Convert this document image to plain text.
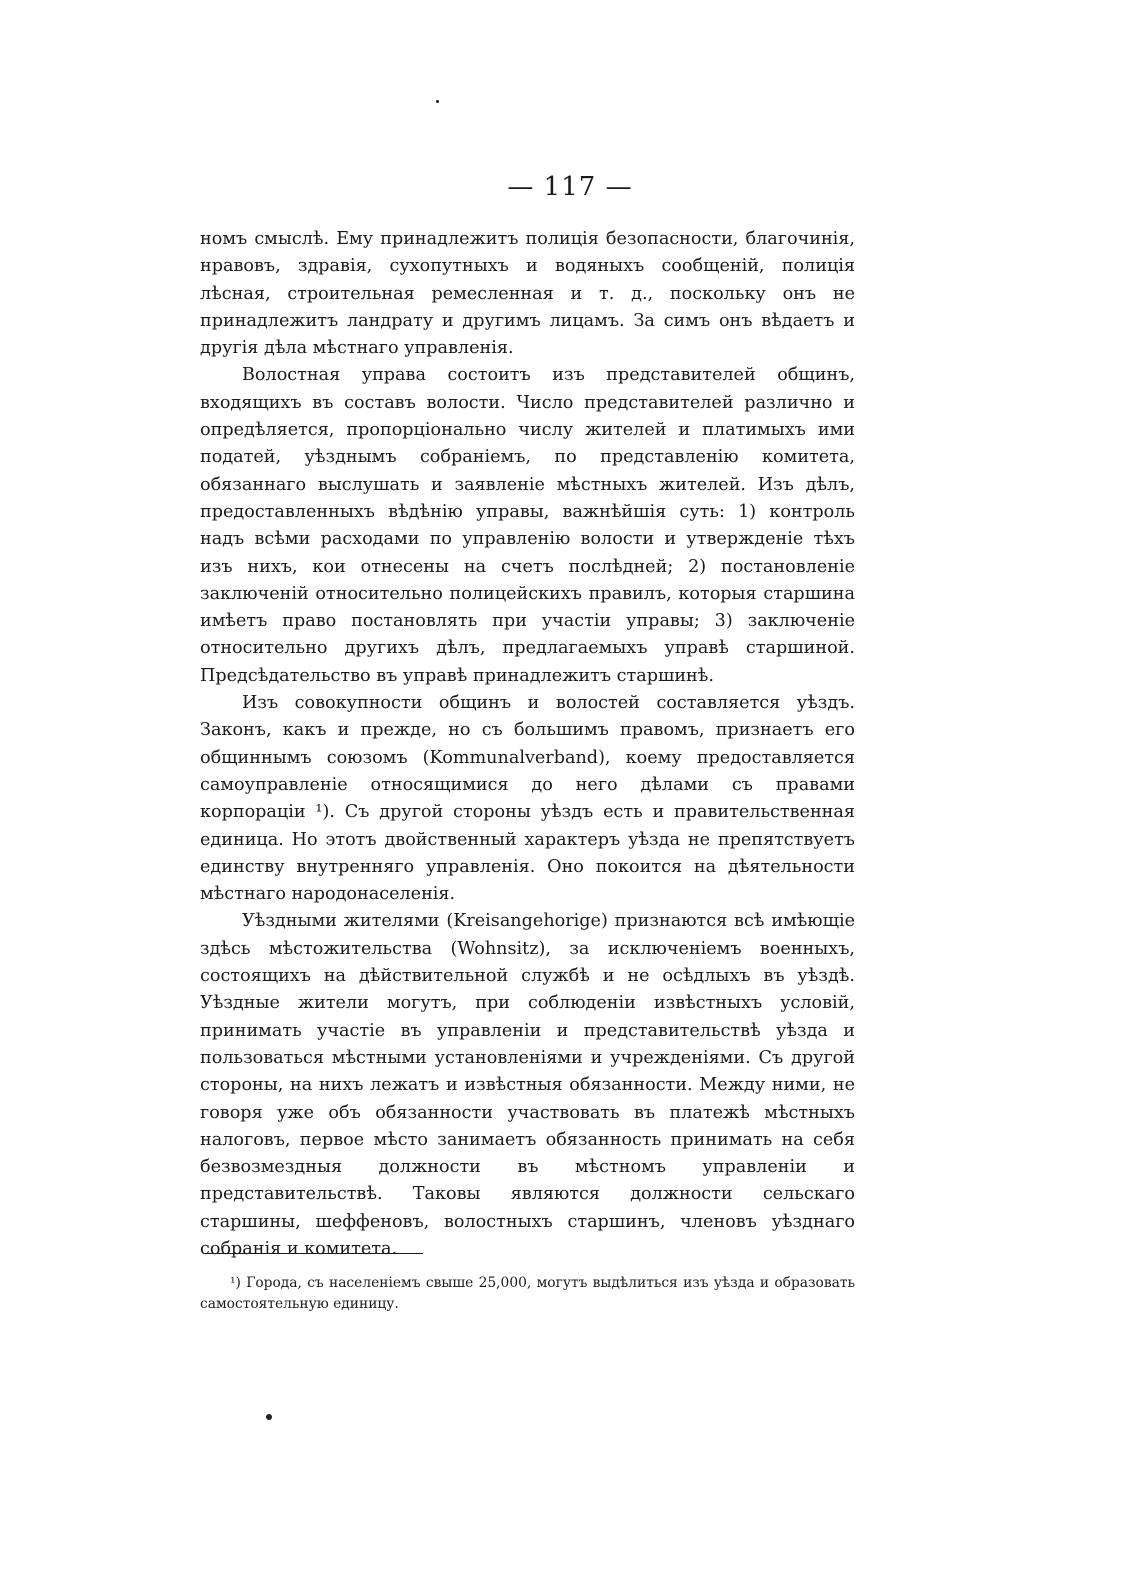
— 117 —

номъ смыслѣ. Ему принадлежитъ полиція безопасности, благочинія, нравовъ, здравія, сухопутныхъ и водяныхъ сообщеній, полиція лѣсная, строительная ремесленная и т. д., поскольку онъ не принадлежитъ ландрату и другимъ лицамъ. За симъ онъ вѣдаетъ и другія дѣла мѣстнаго управленія.

Волостная управа состоитъ изъ представителей общинъ, входящихъ въ составъ волости. Число представителей различно и опредѣляется, пропорціонально числу жителей и платимыхъ ими податей, уѣзднымъ собраніемъ, по представленію комитета, обязаннаго выслушать и заявленіе мѣстныхъ жителей. Изъ дѣлъ, предоставленныхъ вѣдѣнію управы, важнѣйшія суть: 1) контроль надъ всѣми расходами по управленію волости и утвержденіе тѣхъ изъ нихъ, кои отнесены на счетъ послѣдней; 2) постановленіе заключеній относительно полицейскихъ правилъ, которыя старшина имѣетъ право постановлять при участіи управы; 3) заключеніе относительно другихъ дѣлъ, предлагаемыхъ управѣ старшиной. Предсѣдательство въ управѣ принадлежитъ старшинѣ.

Изъ совокупности общинъ и волостей составляется уѣздъ. Законъ, какъ и прежде, но съ большимъ правомъ, признаетъ его общиннымъ союзомъ (Kommunalverband), коему предоставляется самоуправленіе относящимися до него дѣлами съ правами корпораціи ¹). Съ другой стороны уѣздъ есть и правительственная единица. Но этотъ двойственный характеръ уѣзда не препятствуетъ единству внутренняго управленія. Оно покоится на дѣятельности мѣстнаго народонаселенія.

Уѣздными жителями (Kreisangehorige) признаются всѣ имѣющіе здѣсь мѣстожительства (Wohnsitz), за исключеніемъ военныхъ, состоящихъ на дѣйствительной службѣ и не осѣдлыхъ въ уѣздѣ. Уѣздные жители могутъ, при соблюденіи извѣстныхъ условій, принимать участіе въ управленіи и представительствѣ уѣзда и пользоваться мѣстными установленіями и учрежденіями. Съ другой стороны, на нихъ лежатъ и извѣстныя обязанности. Между ними, не говоря уже объ обязанности участвовать въ платежѣ мѣстныхъ налоговъ, первое мѣсто занимаетъ обязанность принимать на себя безвозмездныя должности въ мѣстномъ управленіи и представительствѣ. Таковы являются должности сельскаго старшины, шеффеновъ, волостныхъ старшинъ, членовъ уѣзднаго собранія и комитета.

¹) Города, съ населеніемъ свыше 25,000, могутъ выдѣлиться изъ уѣзда и образовать самостоятельную единицу.
